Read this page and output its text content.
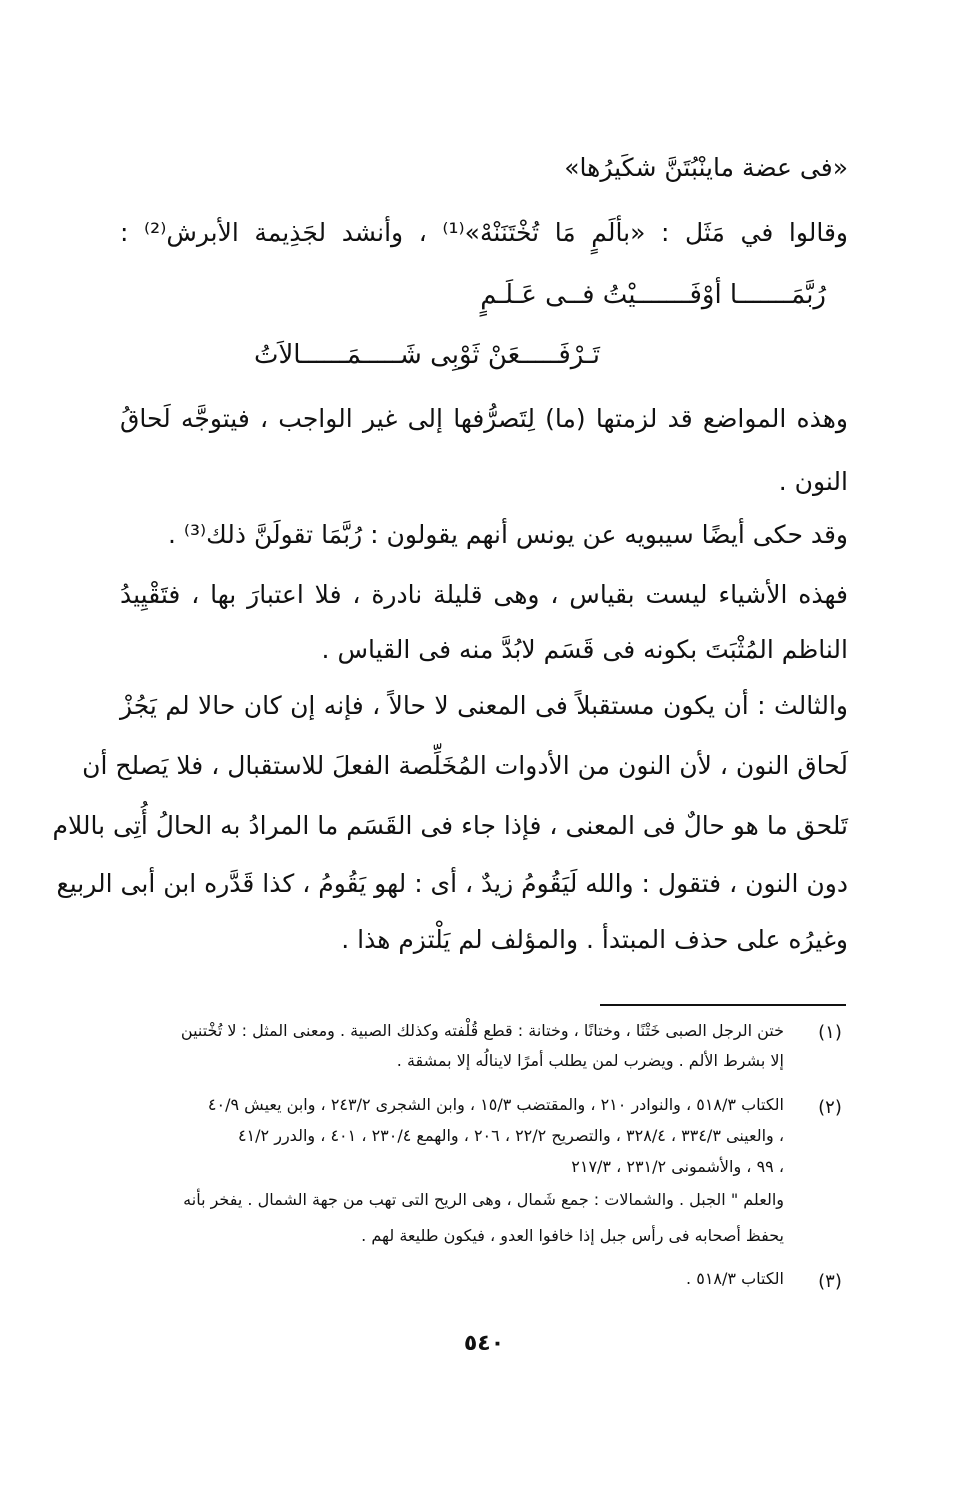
«فى عضة ماينْبُتَنَّ شكَيرُها»
وقالوا في مَثَل : «بألَمٍ مَا تُخْتَنَنْهْ»⁽¹⁾ ، وأنشد لجَذِيمة الأبرش⁽²⁾ :
رُبَّمَـــــــا أوْفَـــــــيْتُ فــى عَـلَـمٍ
تَـرْفَـــــعَنْ ثَوْبِى شَـــــمَــــــالاَتُ
وهذه المواضع قد لزمتها (ما) لِتَصرُّفها إلى غير الواجب ، فيتوجَّه لَحاقُ
النون .
وقد حكى أيضًا سيبويه عن يونس أنهم يقولون : رُبَّمَا تقولَنَّ ذلك⁽³⁾ .
فهذه الأشياء ليست بقياس ، وهى قليلة نادرة ، فلا اعتبارَ بها ، فتَقْيِيدُ
الناظم المُثْبَتَ بكونه فى قَسَم لابُدَّ منه فى القياس .
والثالث : أن يكون مستقبلاً فى المعنى لا حالاً ، فإنه إن كان حالا لم يَجُزْ
لَحاق النون ، لأن النون من الأدوات المُخَلِّصة الفعلَ للاستقبال ، فلا يَصلح أن
تَلحق ما هو حالٌ فى المعنى ، فإذا جاء فى القَسَم ما المرادُ به الحالُ أُتِى باللام
دون النون ، فتقول : والله لَيَقُومُ زيدٌ ، أى : لهو يَقُومُ ، كذا قَدَّره ابن أبى الربيع
وغيرُه على حذف المبتدأ . والمؤلف لم يَلْتزم هذا .
(١)
ختن الرجل الصبى خَتْنًا ، وختانًا ، وختانة : قطع قُلْفته وكذلك الصبية . ومعنى المثل : لا تُخْتنين
إلا بشرط الألم . ويضرب لمن يطلب أمرًا لاينالُه إلا بمشقة .
(٢)
الكتاب ٥١٨/٣ ، والنوادر ٢١٠ ، والمقتضب ١٥/٣ ، وابن الشجرى ٢٤٣/٢ ، وابن يعيش ٤٠/٩
، والعينى ٣٣٤/٣ ، ٣٢٨/٤ ، والتصريح ٢٢/٢ ، ٢٠٦ ، والهمع ٢٣٠/٤ ، ٤٠١ ، والدرر ٤١/٢
، ٩٩ ، والأشمونى ٢٣١/٢ ، ٢١٧/٣
والعلم " الجبل . والشمالات : جمع شَمال ، وهى الريح التى تهب من جهة الشمال . يفخر بأنه
يحفظ أصحابه فى رأس جبل إذا خافوا العدو ، فيكون طليعة لهم .
(٣)
الكتاب ٥١٨/٣ .
٥٤٠
